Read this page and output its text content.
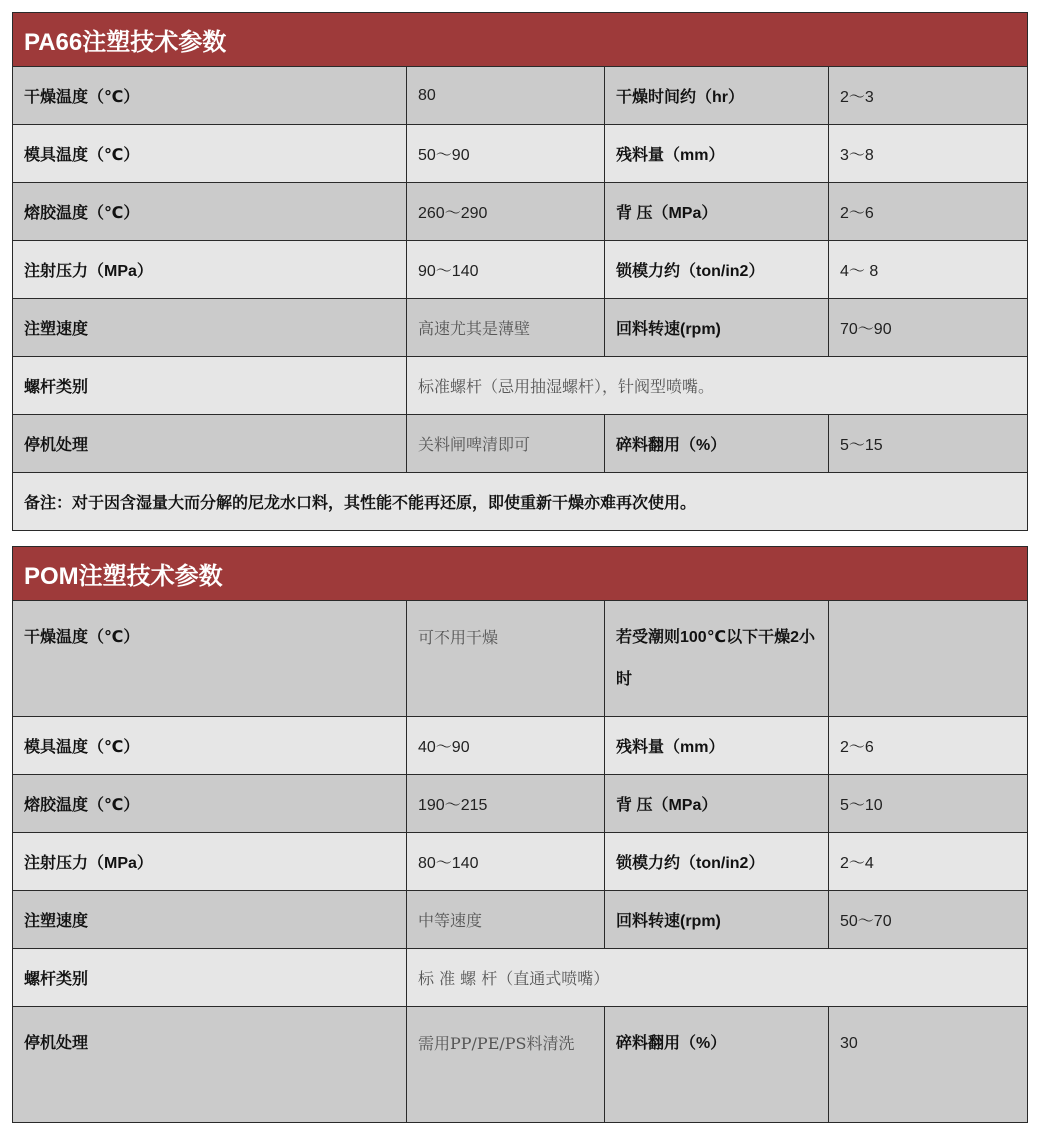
PA66注塑技术参数			
干燥温度（℃）	80	干燥时间约（hr）	2～3
模具温度（℃）	50～90	残料量（mm）	3～8
熔胶温度（℃）	260～290	背 压（MPa）	2～6
注射压力（MPa）	90～140	锁模力约（ton/in2）	4～ 8
注塑速度	高速尤其是薄壁	回料转速(rpm)	70～90
螺杆类别	标准螺杆（忌用抽湿螺杆），针阀型喷嘴。		
停机处理	关料闸啤清即可	碎料翻用（%）	5～15
备注：对于因含湿量大而分解的尼龙水口料，其性能不能再还原，即使重新干燥亦难再次使用。			
POM注塑技术参数			
干燥温度（℃）	可不用干燥	若受潮则100℃以下干燥2小时	
模具温度（℃）	40～90	残料量（mm）	2～6
熔胶温度（℃）	190～215	背 压（MPa）	5～10
注射压力（MPa）	80～140	锁模力约（ton/in2）	2～4
注塑速度	中等速度	回料转速(rpm)	50～70
螺杆类别	标 准 螺 杆（直通式喷嘴）		
停机处理	需用PP/PE/PS料清洗	碎料翻用（%）	30
